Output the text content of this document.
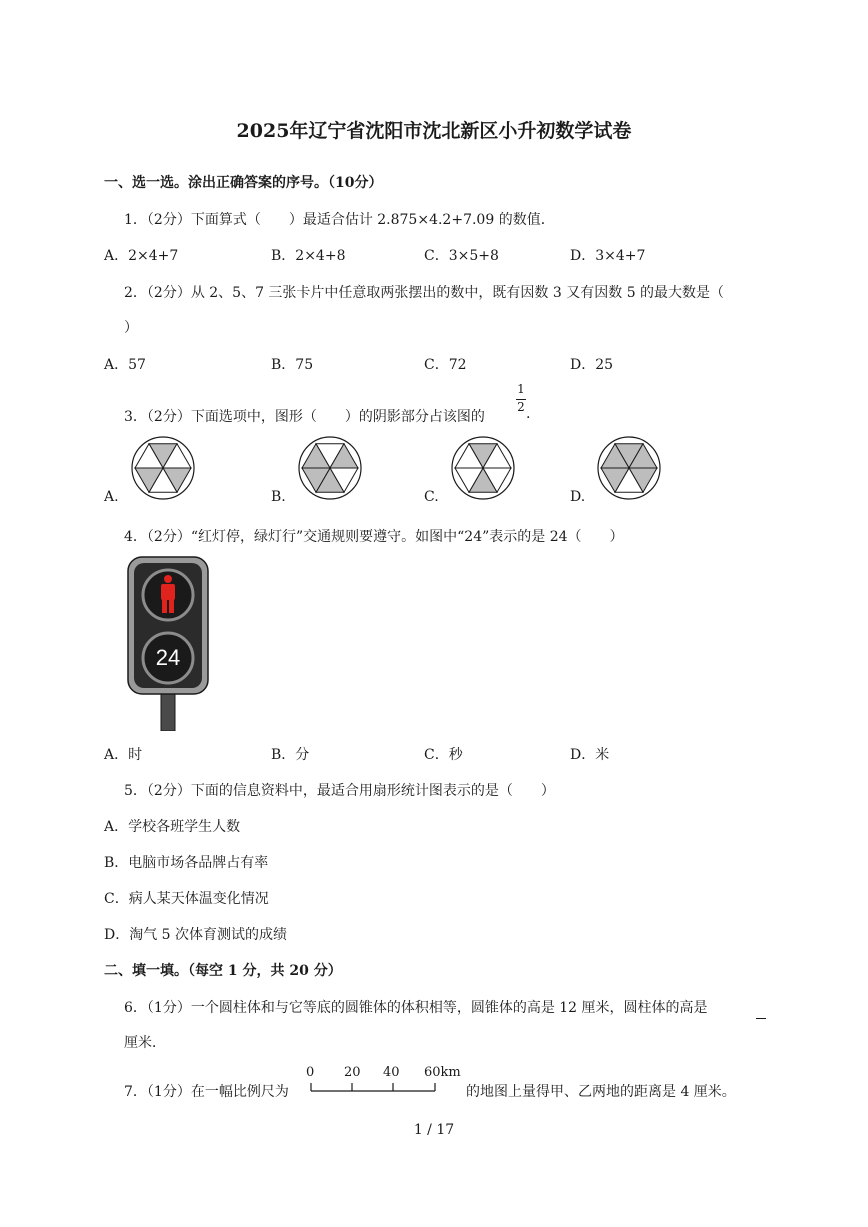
2025年辽宁省沈阳市沈北新区小升初数学试卷
一、选一选。涂出正确答案的序号。（10分）
1．（2分）下面算式（　　）最适合估计 2.875×4.2+7.09 的数值．
A．2×4+7	B．2×4+8	C．3×5+8	D．3×4+7
2．（2分）从 2、5、7 三张卡片中任意取两张摆出的数中，既有因数 3 又有因数 5 的最大数是（
）
A．57	B．75	C．72	D．25
3．（2分）下面选项中，图形（　　）的阴影部分占该图的
1
2 .
A.	B.	C.	D.
4．（2分）“红灯停，绿灯行”交通规则要遵守。如图中“24”表示的是 24（　　）
24
A．时	B．分	C．秒	D．米
5．（2分）下面的信息资料中，最适合用扇形统计图表示的是（　　）
A．学校各班学生人数
B．电脑市场各品牌占有率
C．病人某天体温变化情况
D．淘气 5 次体育测试的成绩
二、填一填。（每空 1 分，共 20 分）
6．（1分）一个圆柱体和与它等底的圆锥体的体积相等，圆锥体的高是 12 厘米，圆柱体的高是
厘米．
7．（1分）在一幅比例尺为
0 20 40 60km
的地图上量得甲、乙两地的距离是 4 厘米。
1 / 17
